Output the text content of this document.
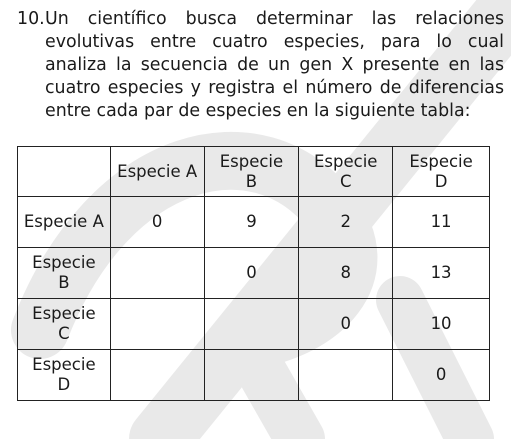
10. Un científico busca determinar las relaciones evolutivas entre cuatro especies, para lo cual analiza la secuencia de un gen X presente en las cuatro especies y registra el número de diferencias entre cada par de especies en la siguiente tabla:
	Especie A	Especie B	Especie C	Especie D
Especie A	0	9	2	11
Especie B		0	8	13
Especie C			0	10
Especie D				0
